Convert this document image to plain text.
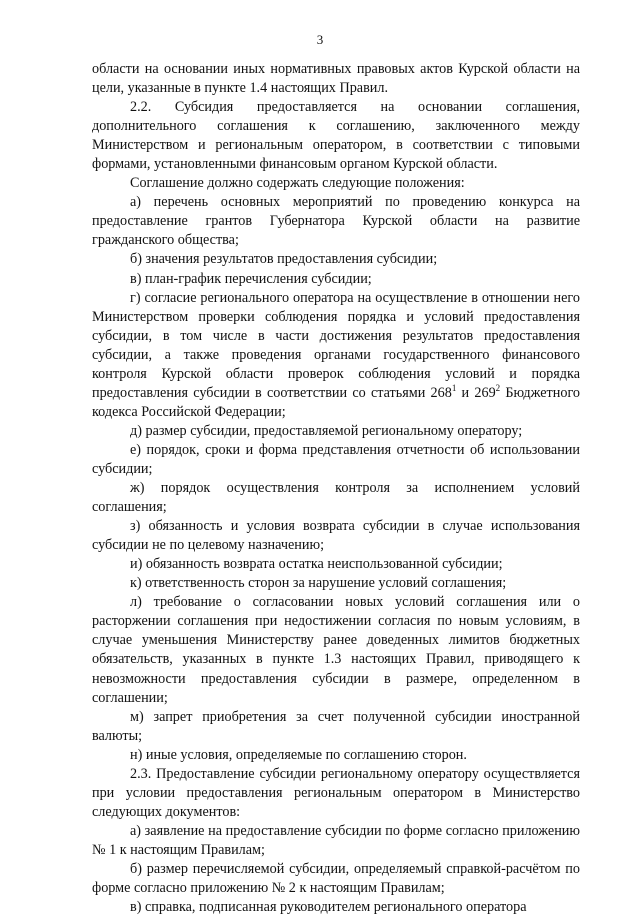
3

области на основании иных нормативных правовых актов Курской области на цели, указанные в пункте 1.4 настоящих Правил.

2.2. Субсидия предоставляется на основании соглашения, дополнительного соглашения к соглашению, заключенного между Министерством и региональным оператором, в соответствии с типовыми формами, установленными финансовым органом Курской области.

Соглашение должно содержать следующие положения:

а) перечень основных мероприятий по проведению конкурса на предоставление грантов Губернатора Курской области на развитие гражданского общества;

б) значения результатов предоставления субсидии;

в) план-график перечисления субсидии;

г) согласие регионального оператора на осуществление в отношении него Министерством проверки соблюдения порядка и условий предоставления субсидии, в том числе в части достижения результатов предоставления субсидии, а также проведения органами государственного финансового контроля Курской области проверок соблюдения условий и порядка предоставления субсидии в соответствии со статьями $268^1$ и $269^2$ Бюджетного кодекса Российской Федерации;

д) размер субсидии, предоставляемой региональному оператору;

е) порядок, сроки и форма представления отчетности об использовании субсидии;

ж) порядок осуществления контроля за исполнением условий соглашения;

з) обязанность и условия возврата субсидии в случае использования субсидии не по целевому назначению;

и) обязанность возврата остатка неиспользованной субсидии;

к) ответственность сторон за нарушение условий соглашения;

л) требование о согласовании новых условий соглашения или о расторжении соглашения при недостижении согласия по новым условиям, в случае уменьшения Министерству ранее доведенных лимитов бюджетных обязательств, указанных в пункте 1.3 настоящих Правил, приводящего к невозможности предоставления субсидии в размере, определенном в соглашении;

м) запрет приобретения за счет полученной субсидии иностранной валюты;

н) иные условия, определяемые по соглашению сторон.

2.3. Предоставление субсидии региональному оператору осуществляется при условии предоставления региональным оператором в Министерство следующих документов:

а) заявление на предоставление субсидии по форме согласно приложению № 1 к настоящим Правилам;

б) размер перечисляемой субсидии, определяемый справкой-расчётом по форме согласно приложению № 2 к настоящим Правилам;

в) справка, подписанная руководителем регионального оператора
